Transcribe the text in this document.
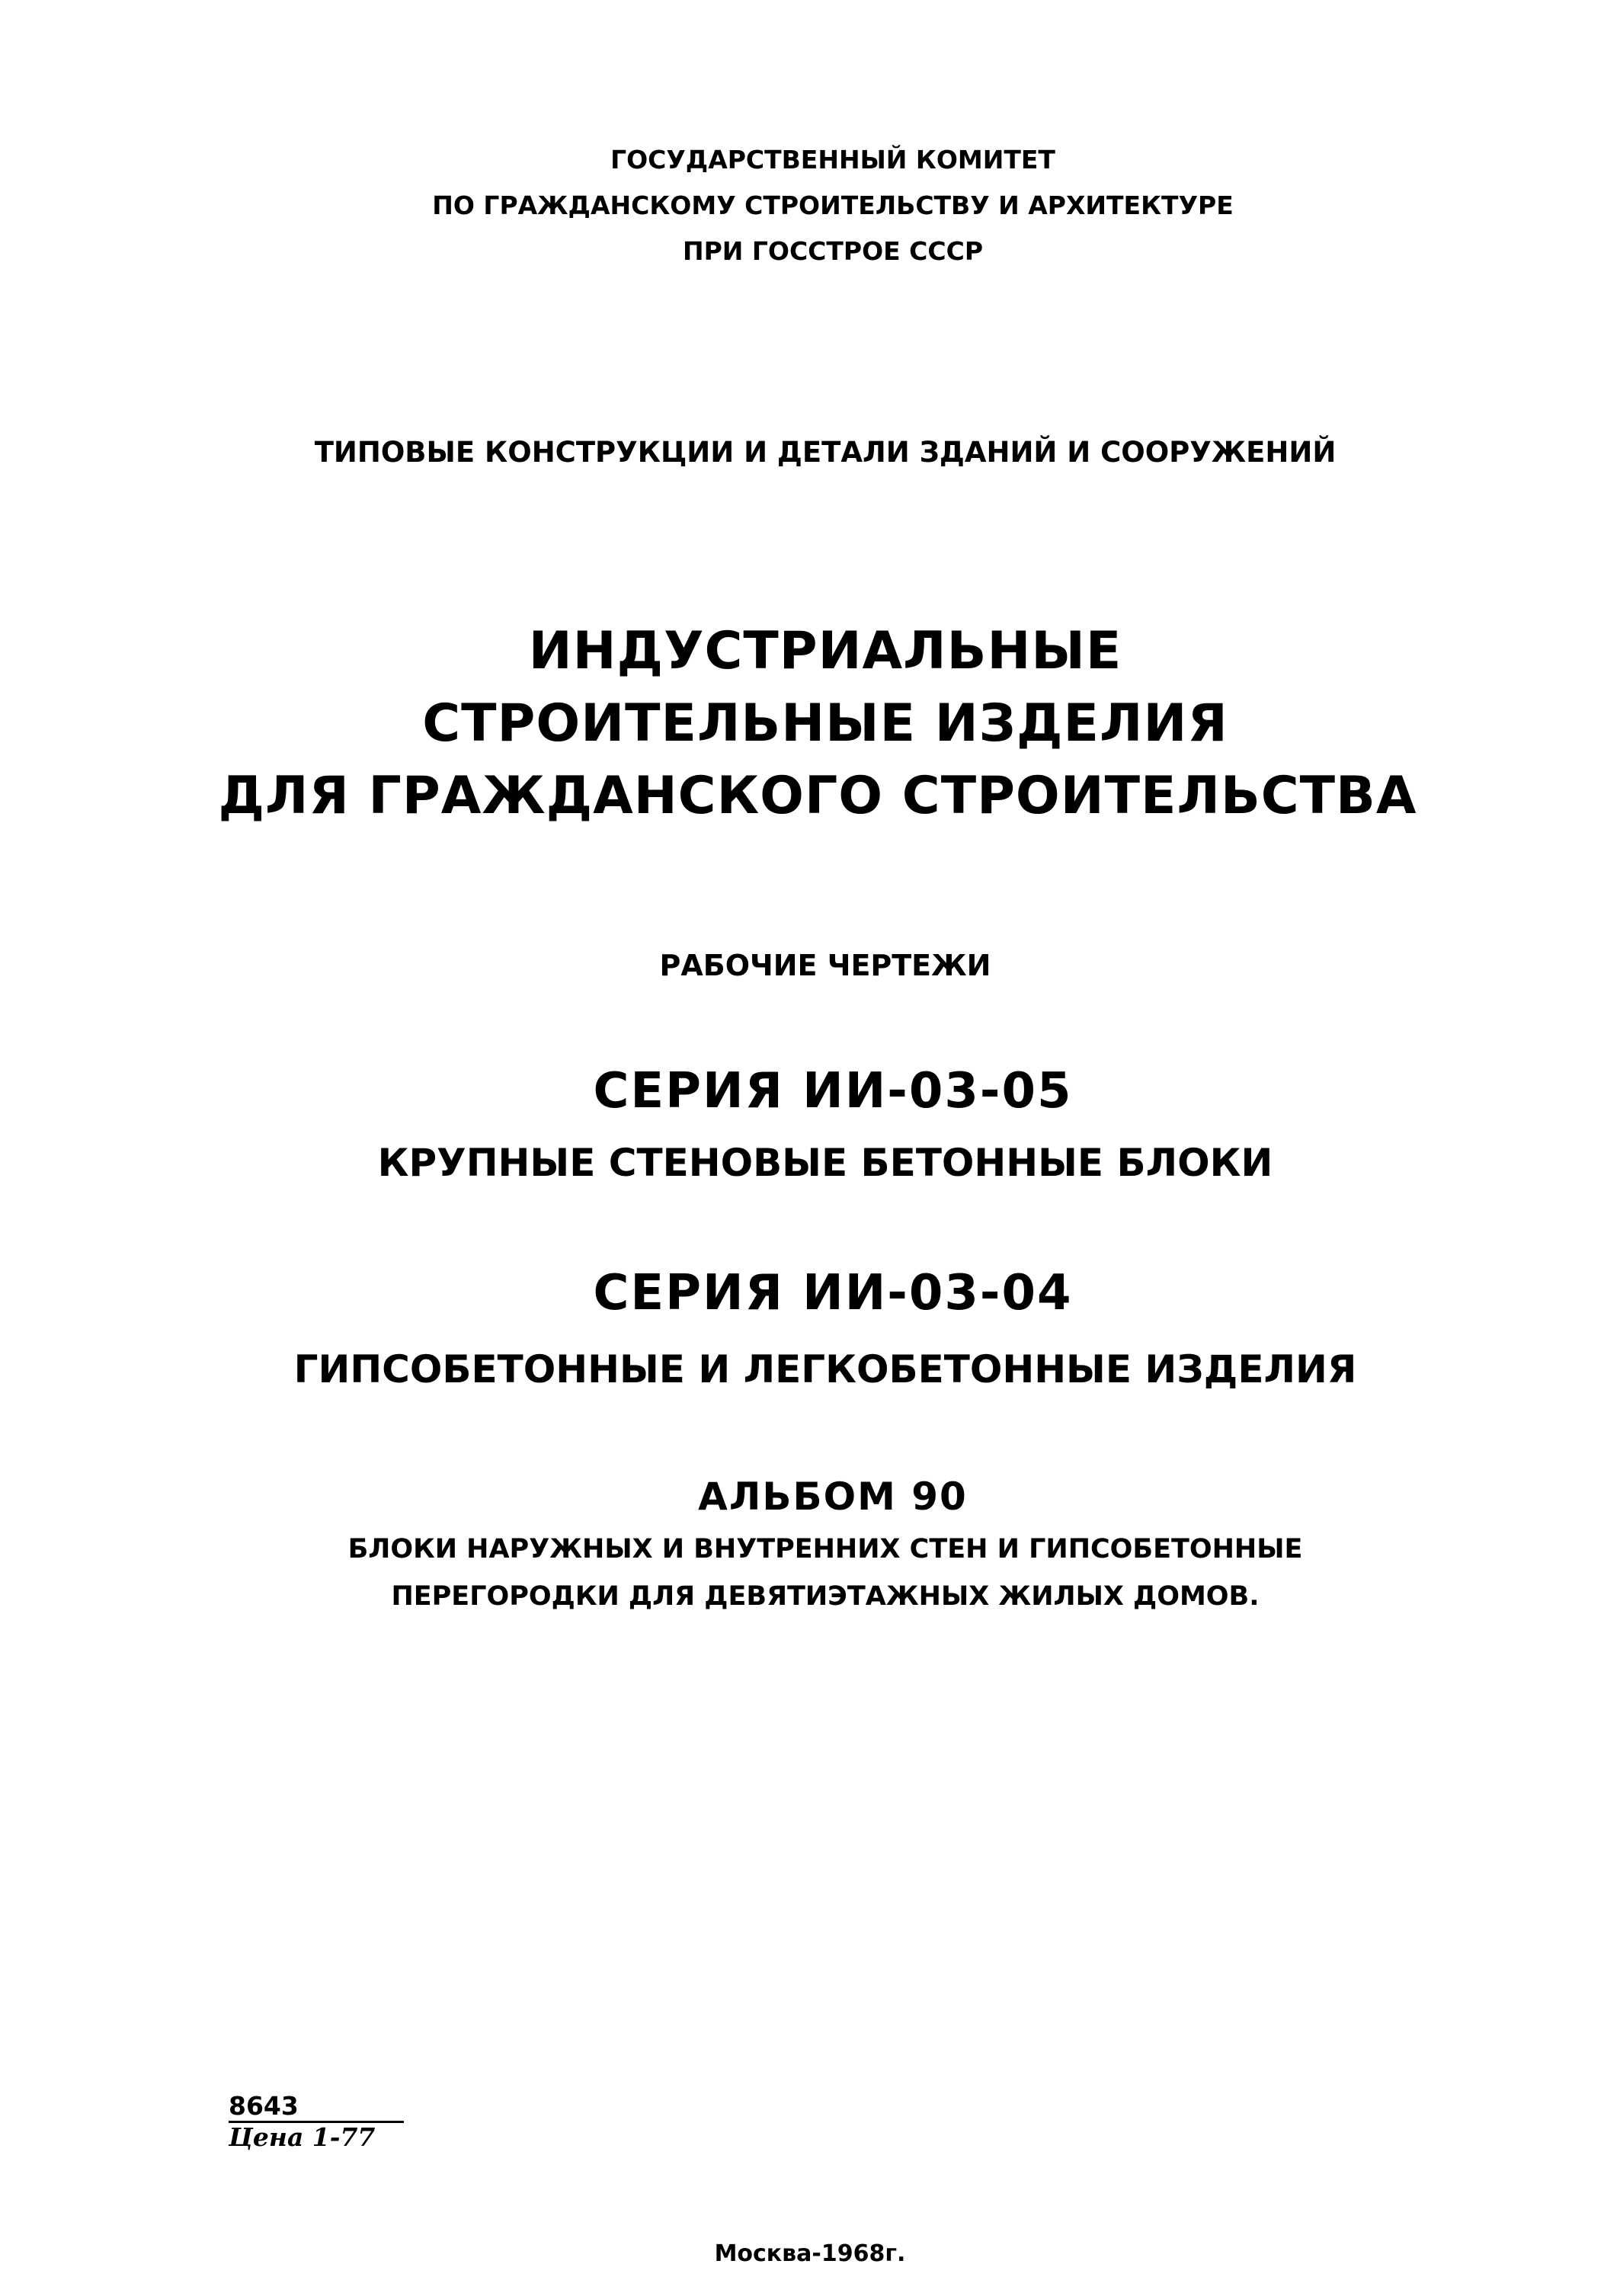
ГОСУДАРСТВЕННЫЙ КОМИТЕТ
ПО ГРАЖДАНСКОМУ СТРОИТЕЛЬСТВУ И АРХИТЕКТУРЕ
ПРИ ГОССТРОЕ СССР
ТИПОВЫЕ КОНСТРУКЦИИ И ДЕТАЛИ ЗДАНИЙ И СООРУЖЕНИЙ
ИНДУСТРИАЛЬНЫЕ
СТРОИТЕЛЬНЫЕ ИЗДЕЛИЯ
ДЛЯ ГРАЖДАНСКОГО СТРОИТЕЛЬСТВА
РАБОЧИЕ ЧЕРТЕЖИ
СЕРИЯ ИИ-03-05
КРУПНЫЕ СТЕНОВЫЕ БЕТОННЫЕ БЛОКИ
СЕРИЯ ИИ-03-04
ГИПСОБЕТОННЫЕ И ЛЕГКОБЕТОННЫЕ ИЗДЕЛИЯ
АЛЬБОМ 90
БЛОКИ НАРУЖНЫХ И ВНУТРЕННИХ СТЕН И ГИПСОБЕТОННЫЕ
ПЕРЕГОРОДКИ ДЛЯ ДЕВЯТИЭТАЖНЫХ ЖИЛЫХ ДОМОВ.
8643
Цена 1-77
Москва-1968г.
